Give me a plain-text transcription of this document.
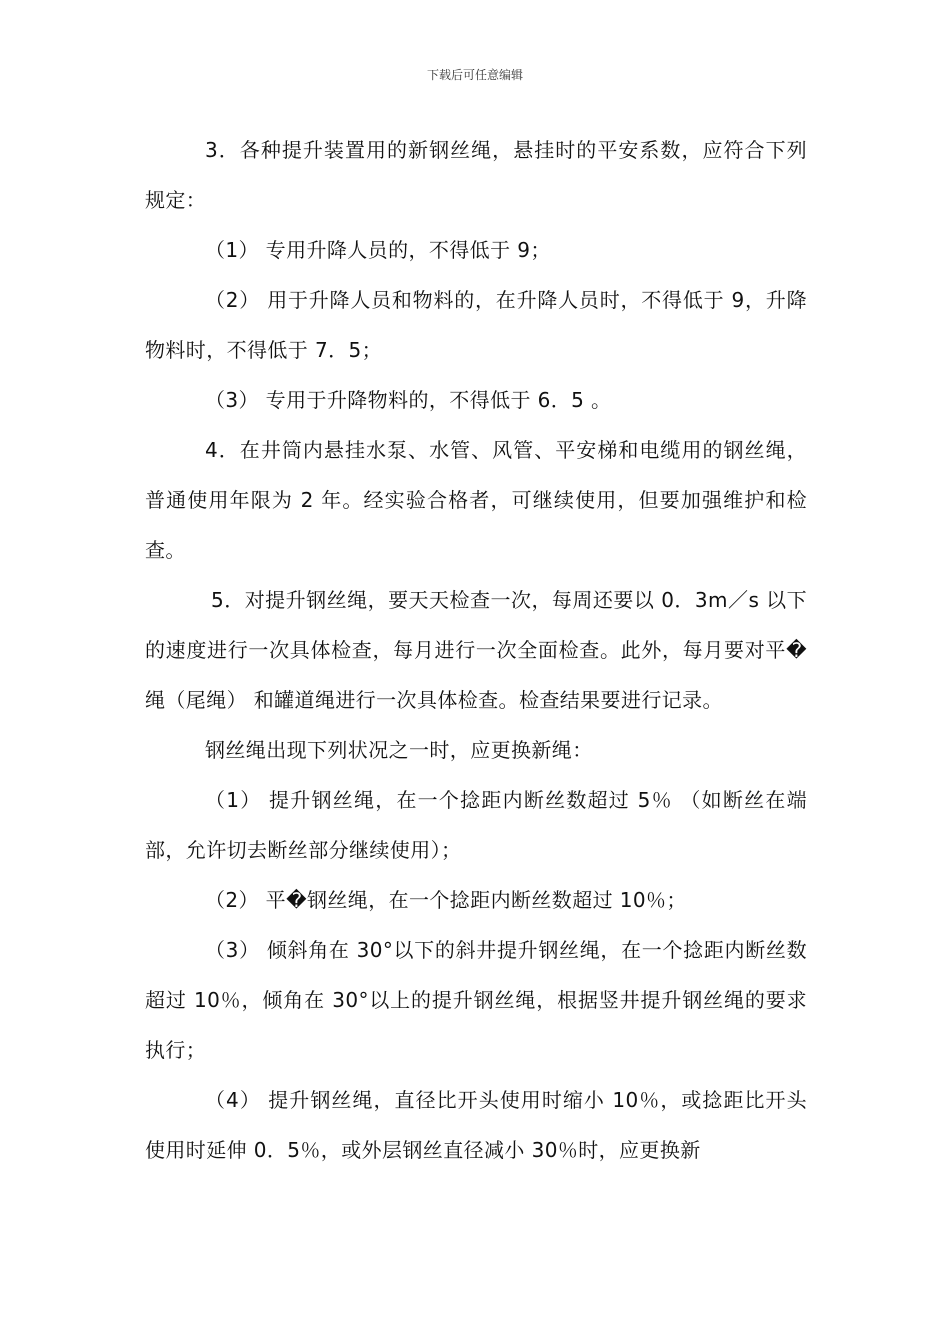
下载后可任意编辑

3．各种提升装置用的新钢丝绳，悬挂时的平安系数，应符合下列规定：

（1） 专用升降人员的，不得低于 9；

（2） 用于升降人员和物料的，在升降人员时，不得低于 9，升降物料时，不得低于 7．5；

（3） 专用于升降物料的，不得低于 6．5 。

4．在井筒内悬挂水泵、水管、风管、平安梯和电缆用的钢丝绳，普通使用年限为 2 年。经实验合格者，可继续使用，但要加强维护和检查。

5．对提升钢丝绳，要天天检查一次，每周还要以 0．3m／s 以下的速度进行一次具体检查，每月进行一次全面检查。此外，每月要对平�绳（尾绳） 和罐道绳进行一次具体检查。检查结果要进行记录。

钢丝绳出现下列状况之一时，应更换新绳：

（1） 提升钢丝绳，在一个捻距内断丝数超过 5％ （如断丝在端部，允许切去断丝部分继续使用）；

（2） 平�钢丝绳，在一个捻距内断丝数超过 10％；

（3） 倾斜角在 30°以下的斜井提升钢丝绳，在一个捻距内断丝数超过 10％，倾角在 30°以上的提升钢丝绳，根据竖井提升钢丝绳的要求执行；

（4） 提升钢丝绳，直径比开头使用时缩小 10％，或捻距比开头使用时延伸 0．5％，或外层钢丝直径减小 30％时，应更换新
